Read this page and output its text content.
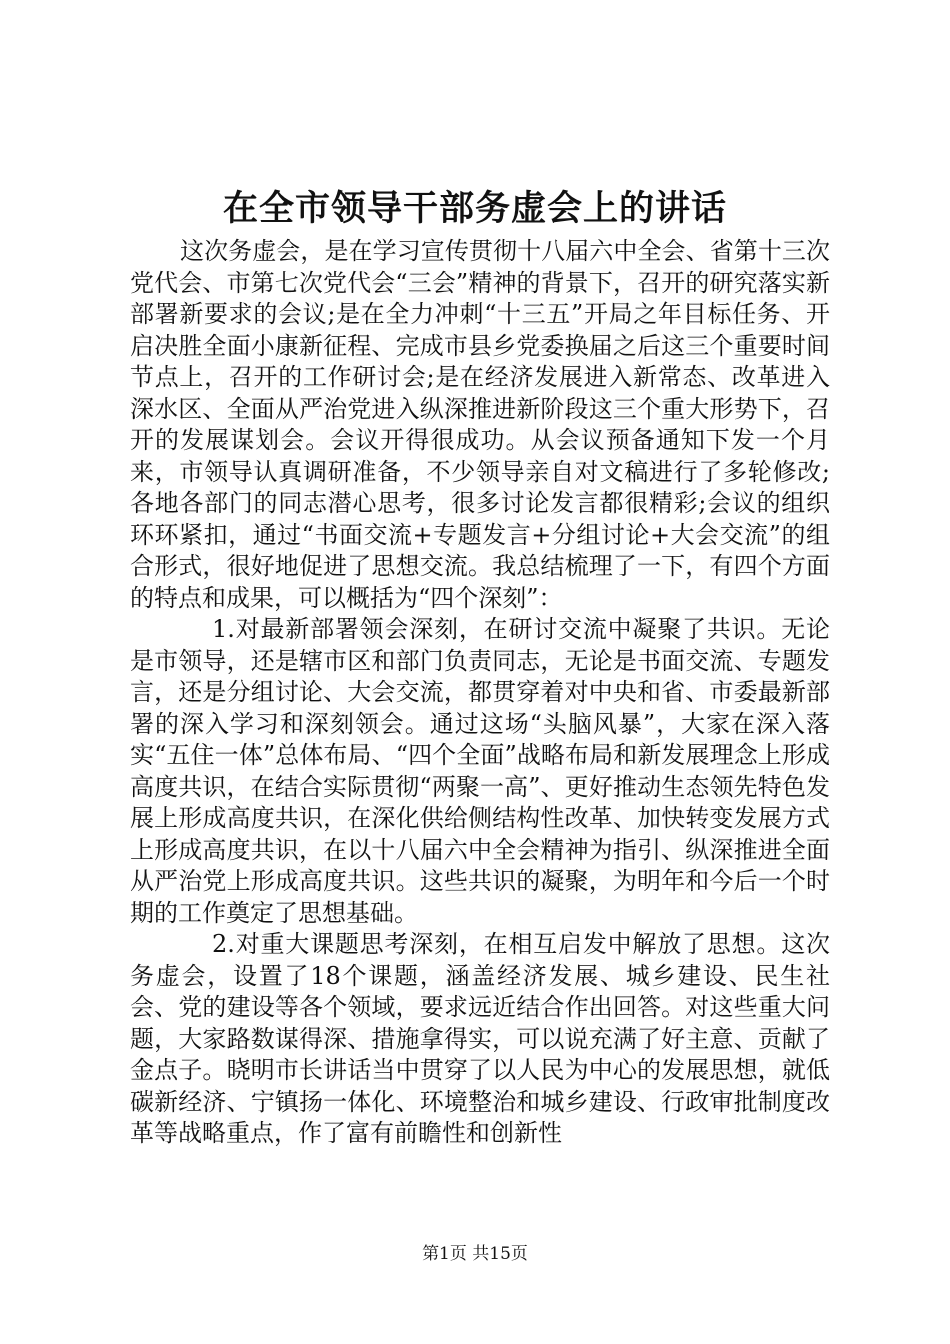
在全市领导干部务虚会上的讲话

这次务虚会，是在学习宣传贯彻十八届六中全会、省第十三次党代会、市第七次党代会“三会”精神的背景下，召开的研究落实新部署新要求的会议;是在全力冲刺“十三五”开局之年目标任务、开启决胜全面小康新征程、完成市县乡党委换届之后这三个重要时间节点上，召开的工作研讨会;是在经济发展进入新常态、改革进入深水区、全面从严治党进入纵深推进新阶段这三个重大形势下，召开的发展谋划会。会议开得很成功。从会议预备通知下发一个月来，市领导认真调研准备，不少领导亲自对文稿进行了多轮修改;各地各部门的同志潜心思考，很多讨论发言都很精彩;会议的组织环环紧扣，通过“书面交流+专题发言+分组讨论+大会交流”的组合形式，很好地促进了思想交流。我总结梳理了一下，有四个方面的特点和成果，可以概括为“四个深刻”：

1.对最新部署领会深刻，在研讨交流中凝聚了共识。无论是市领导，还是辖市区和部门负责同志，无论是书面交流、专题发言，还是分组讨论、大会交流，都贯穿着对中央和省、市委最新部署的深入学习和深刻领会。通过这场“头脑风暴”，大家在深入落实“五住一体”总体布局、“四个全面”战略布局和新发展理念上形成高度共识，在结合实际贯彻“两聚一高”、更好推动生态领先特色发展上形成高度共识，在深化供给侧结构性改革、加快转变发展方式上形成高度共识，在以十八届六中全会精神为指引、纵深推进全面从严治党上形成高度共识。这些共识的凝聚，为明年和今后一个时期的工作奠定了思想基础。

2.对重大课题思考深刻，在相互启发中解放了思想。这次务虚会，设置了18个课题，涵盖经济发展、城乡建设、民生社会、党的建设等各个领域，要求远近结合作出回答。对这些重大问题，大家路数谋得深、措施拿得实，可以说充满了好主意、贡献了金点子。晓明市长讲话当中贯穿了以人民为中心的发展思想，就低碳新经济、宁镇扬一体化、环境整治和城乡建设、行政审批制度改革等战略重点，作了富有前瞻性和创新性

第1页 共15页
